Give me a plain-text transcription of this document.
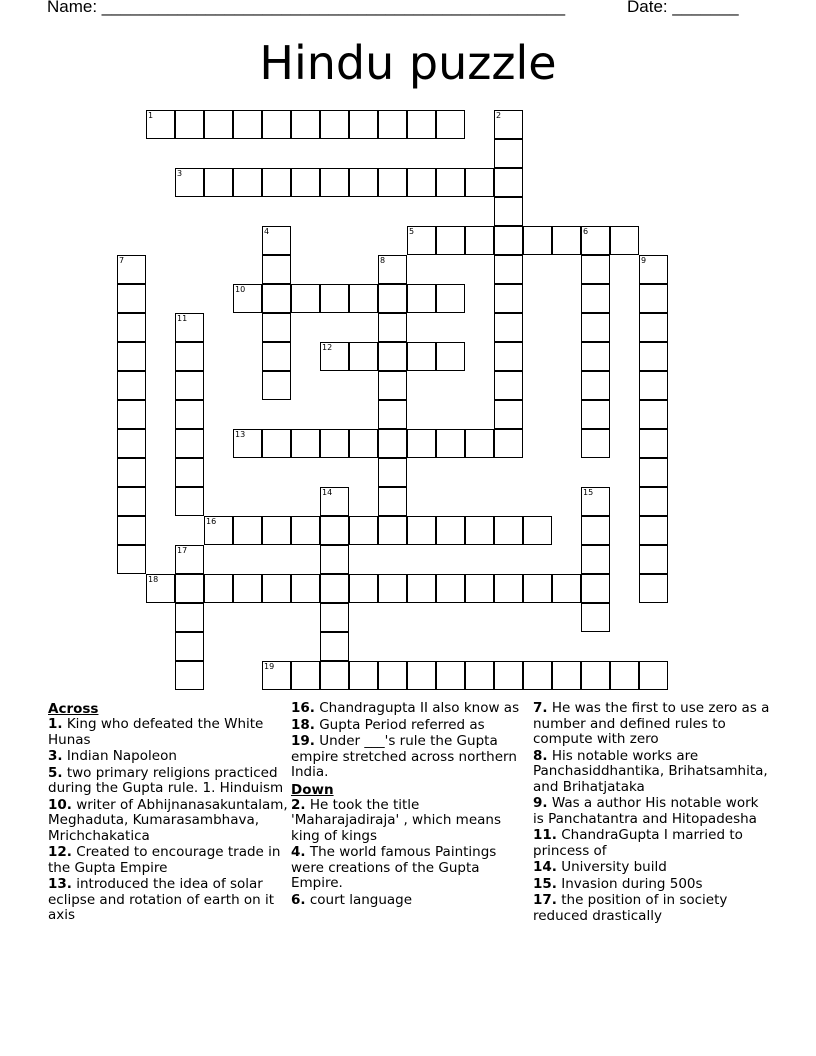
Name: _________________________________________________	Date: _______
Hindu puzzle
1	2
3
4	5	6
7	8	9
10
11
12
13
14	15
16
17
18
19
Across
1. King who defeated the White Hunas
3. Indian Napoleon
5. two primary religions practiced during the Gupta rule. 1. Hinduism
10. writer of Abhijnanasakuntalam, Meghaduta, Kumarasambhava, Mrichchakatica
12. Created to encourage trade in the Gupta Empire
13. introduced the idea of solar eclipse and rotation of earth on it axis
16. Chandragupta II also know as
18. Gupta Period referred as
19. Under ___'s rule the Gupta empire stretched across northern India.
Down
2. He took the title 'Maharajadiraja' , which means king of kings
4. The world famous Paintings were creations of the Gupta Empire.
6. court language
7. He was the first to use zero as a number and defined rules to compute with zero
8. His notable works are Panchasiddhantika, Brihatsamhita, and Brihatjataka
9. Was a author His notable work is Panchatantra and Hitopadesha
11. ChandraGupta I married to princess of
14. University build
15. Invasion during 500s
17. the position of in society reduced drastically
